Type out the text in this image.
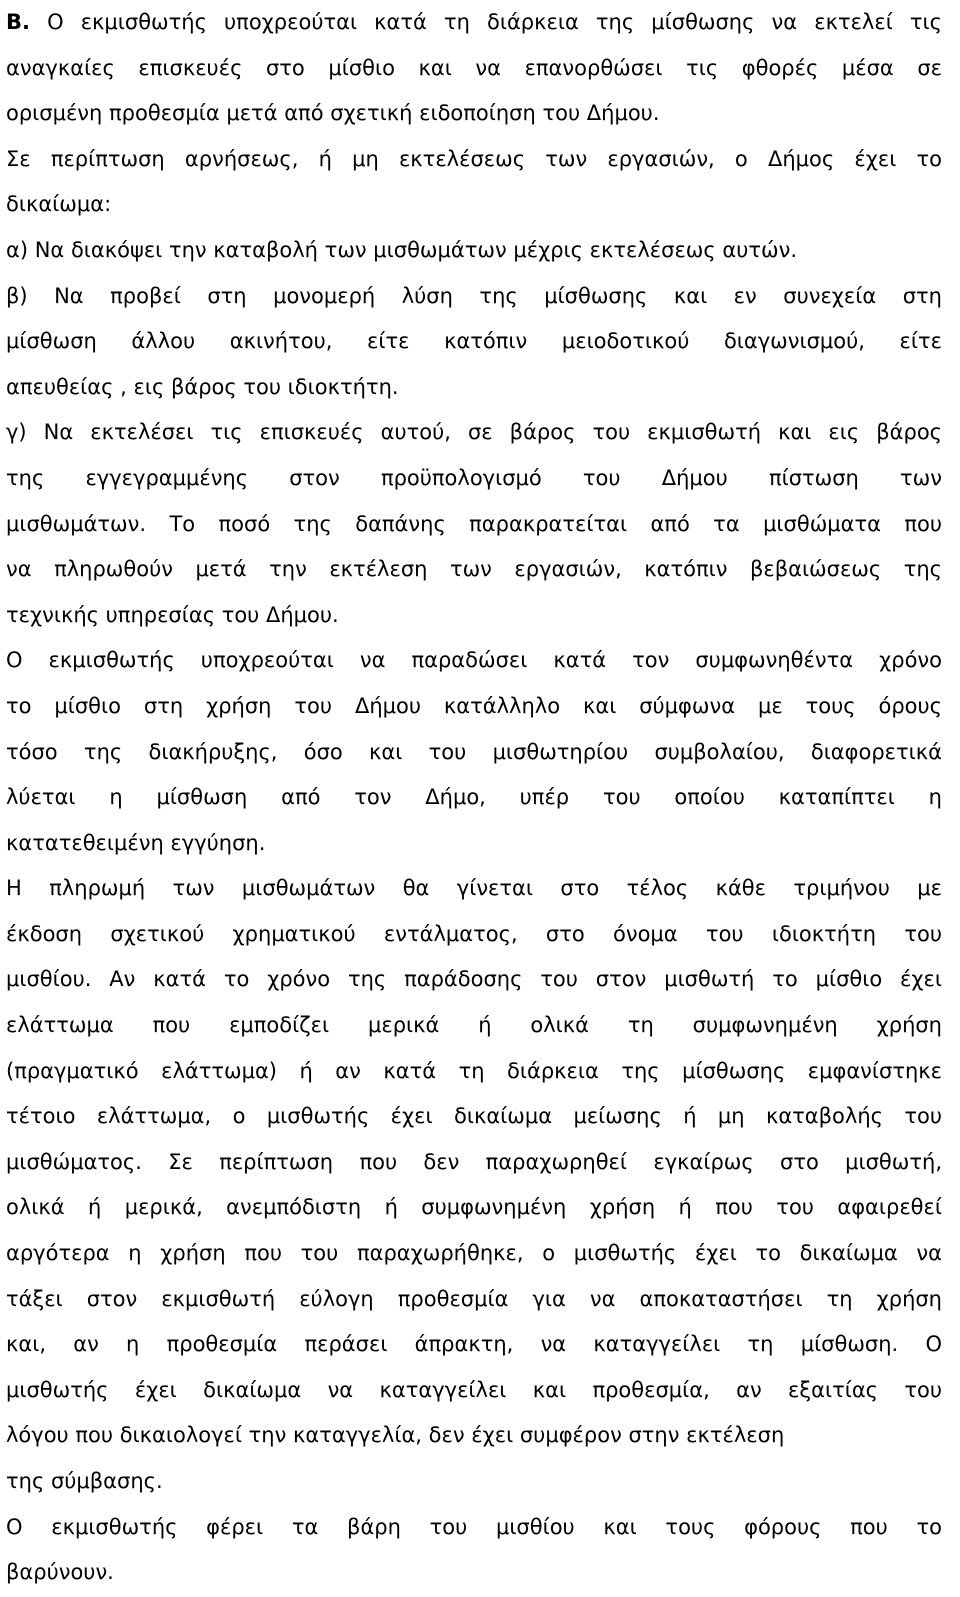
B. Ο εκμισθωτής υποχρεούται κατά τη διάρκεια της μίσθωσης να εκτελεί τις
αναγκαίες επισκευές στο μίσθιο και να επανορθώσει τις φθορές μέσα σε
ορισμένη προθεσμία μετά από σχετική ειδοποίηση του Δήμου.
Σε περίπτωση αρνήσεως, ή μη εκτελέσεως των εργασιών, ο Δήμος έχει το
δικαίωμα:
α) Να διακόψει την καταβολή των μισθωμάτων μέχρις εκτελέσεως αυτών.
β) Να προβεί στη μονομερή λύση της μίσθωσης και εν συνεχεία στη
μίσθωση άλλου ακινήτου, είτε κατόπιν μειοδοτικού διαγωνισμού, είτε
απευθείας , εις βάρος του ιδιοκτήτη.
γ) Να εκτελέσει τις επισκευές αυτού, σε βάρος του εκμισθωτή και εις βάρος
της εγγεγραμμένης στον προϋπολογισμό του Δήμου πίστωση των
μισθωμάτων. Το ποσό της δαπάνης παρακρατείται από τα μισθώματα που
να πληρωθούν μετά την εκτέλεση των εργασιών, κατόπιν βεβαιώσεως της
τεχνικής υπηρεσίας του Δήμου.
Ο εκμισθωτής υποχρεούται να παραδώσει κατά τον συμφωνηθέντα χρόνο
το μίσθιο στη χρήση του Δήμου κατάλληλο και σύμφωνα με τους όρους
τόσο της διακήρυξης, όσο και του μισθωτηρίου συμβολαίου, διαφορετικά
λύεται η μίσθωση από τον Δήμο, υπέρ του οποίου καταπίπτει η
κατατεθειμένη εγγύηση.
Η πληρωμή των μισθωμάτων θα γίνεται στο τέλος κάθε τριμήνου με
έκδοση σχετικού χρηματικού εντάλματος, στο όνομα του ιδιοκτήτη του
μισθίου. Αν κατά το χρόνο της παράδοσης του στον μισθωτή το μίσθιο έχει
ελάττωμα που εμποδίζει μερικά ή ολικά τη συμφωνημένη χρήση
(πραγματικό ελάττωμα) ή αν κατά τη διάρκεια της μίσθωσης εμφανίστηκε
τέτοιο ελάττωμα, ο μισθωτής έχει δικαίωμα μείωσης ή μη καταβολής του
μισθώματος. Σε περίπτωση που δεν παραχωρηθεί εγκαίρως στο μισθωτή,
ολικά ή μερικά, ανεμπόδιστη ή συμφωνημένη χρήση ή που του αφαιρεθεί
αργότερα η χρήση που του παραχωρήθηκε, ο μισθωτής έχει το δικαίωμα να
τάξει στον εκμισθωτή εύλογη προθεσμία για να αποκαταστήσει τη χρήση
και, αν η προθεσμία περάσει άπρακτη, να καταγγείλει τη μίσθωση. Ο
μισθωτής έχει δικαίωμα να καταγγείλει και προθεσμία, αν εξαιτίας του
λόγου που δικαιολογεί την καταγγελία, δεν έχει συμφέρον στην εκτέλεση
της σύμβασης.
Ο εκμισθωτής φέρει τα βάρη του μισθίου και τους φόρους που το
βαρύνουν.
